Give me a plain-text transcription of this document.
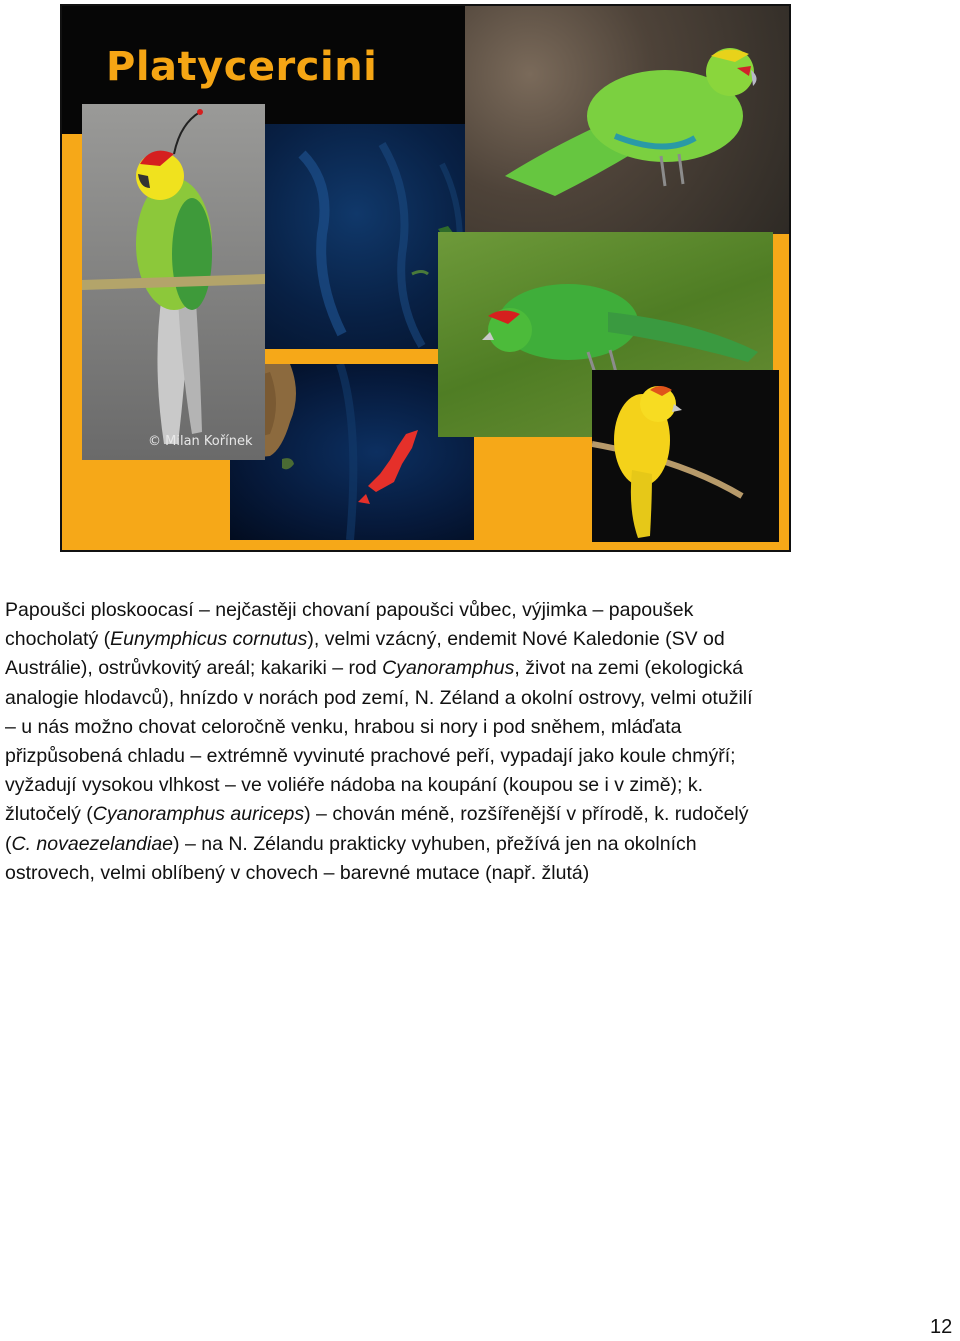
Platycercini
© Milan Kořínek

Papoušci ploskoocasí – nejčastěji chovaní papoušci vůbec, výjimka – papoušek
chocholatý (Eunymphicus cornutus), velmi vzácný, endemit Nové Kaledonie (SV od
Austrálie), ostrůvkovitý areál; kakariki – rod Cyanoramphus, život na zemi (ekologická
analogie hlodavců), hnízdo v norách pod zemí, N. Zéland a okolní ostrovy, velmi otužilí
– u nás možno chovat celoročně venku, hrabou si nory i pod sněhem, mláďata
přizpůsobená chladu – extrémně vyvinuté prachové peří, vypadají jako koule chmýří;
vyžadují vysokou vlhkost – ve voliéře nádoba na koupání (koupou se i v zimě); k.
žlutočelý (Cyanoramphus auriceps) – chován méně, rozšířenější v přírodě, k. rudočelý
(C. novaezelandiae) – na N. Zélandu prakticky vyhuben, přežívá jen na okolních
ostrovech, velmi oblíbený v chovech – barevné mutace (např. žlutá)

12
